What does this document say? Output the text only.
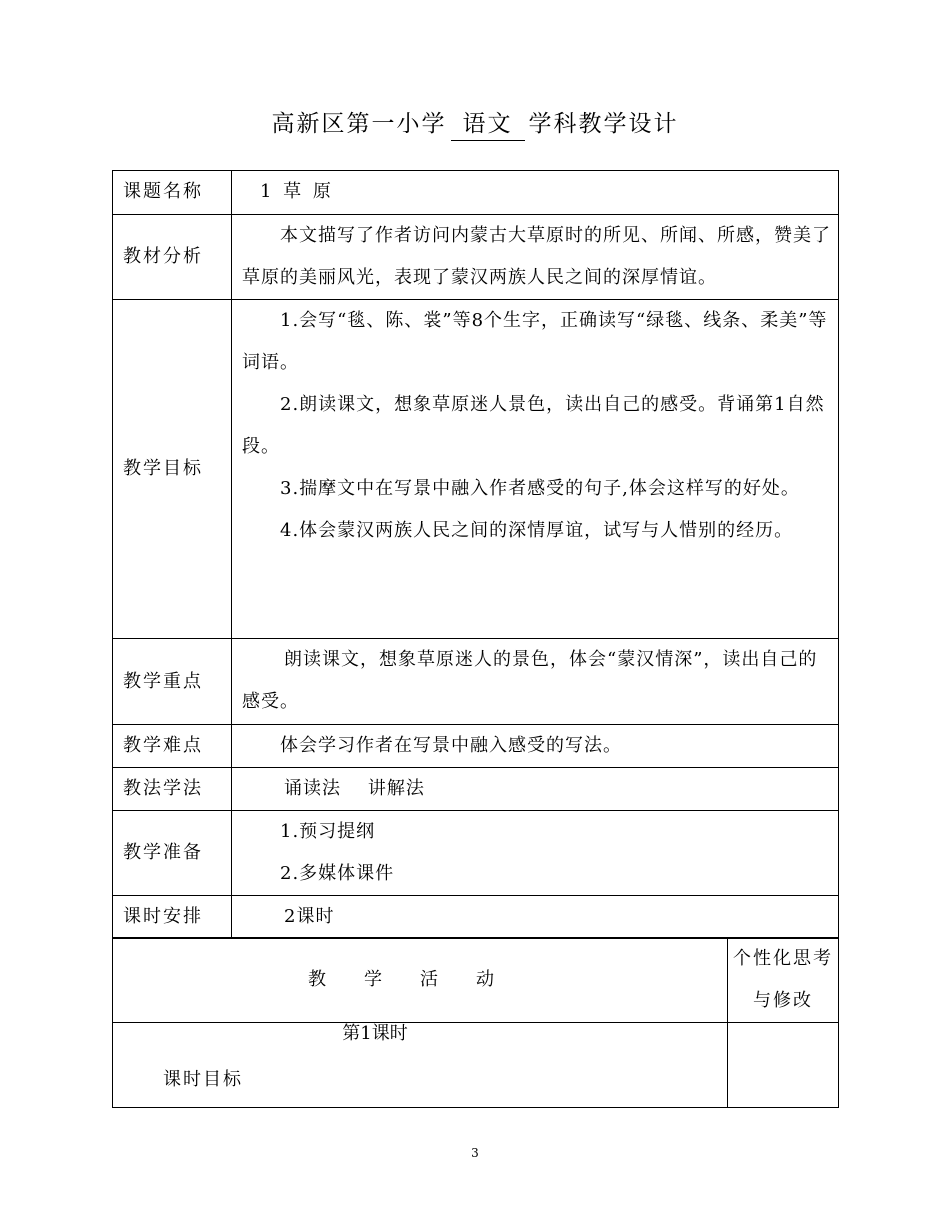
高新区第一小学 语文 学科教学设计
课题名称	1 草 原
教材分析	本文描写了作者访问内蒙古大草原时的所见、所闻、所感，赞美了草原的美丽风光，表现了蒙汉两族人民之间的深厚情谊。

教学目标	1.会写“毯、陈、裳”等8个生字，正确读写“绿毯、线条、柔美”等词语。

2.朗读课文，想象草原迷人景色，读出自己的感受。背诵第1自然段。

3.揣摩文中在写景中融入作者感受的句子,体会这样写的好处。

4.体会蒙汉两族人民之间的深情厚谊，试写与人惜别的经历。

教学重点	朗读课文，想象草原迷人的景色，体会“蒙汉情深”，读出自己的感受。

教学难点	体会学习作者在写景中融入感受的写法。

教法学法	诵读法    讲解法

教学准备	1.预习提纲

2.多媒体课件

课时安排	2课时

教学活动	个性化思考与修改

第1课时
课时目标	

3
